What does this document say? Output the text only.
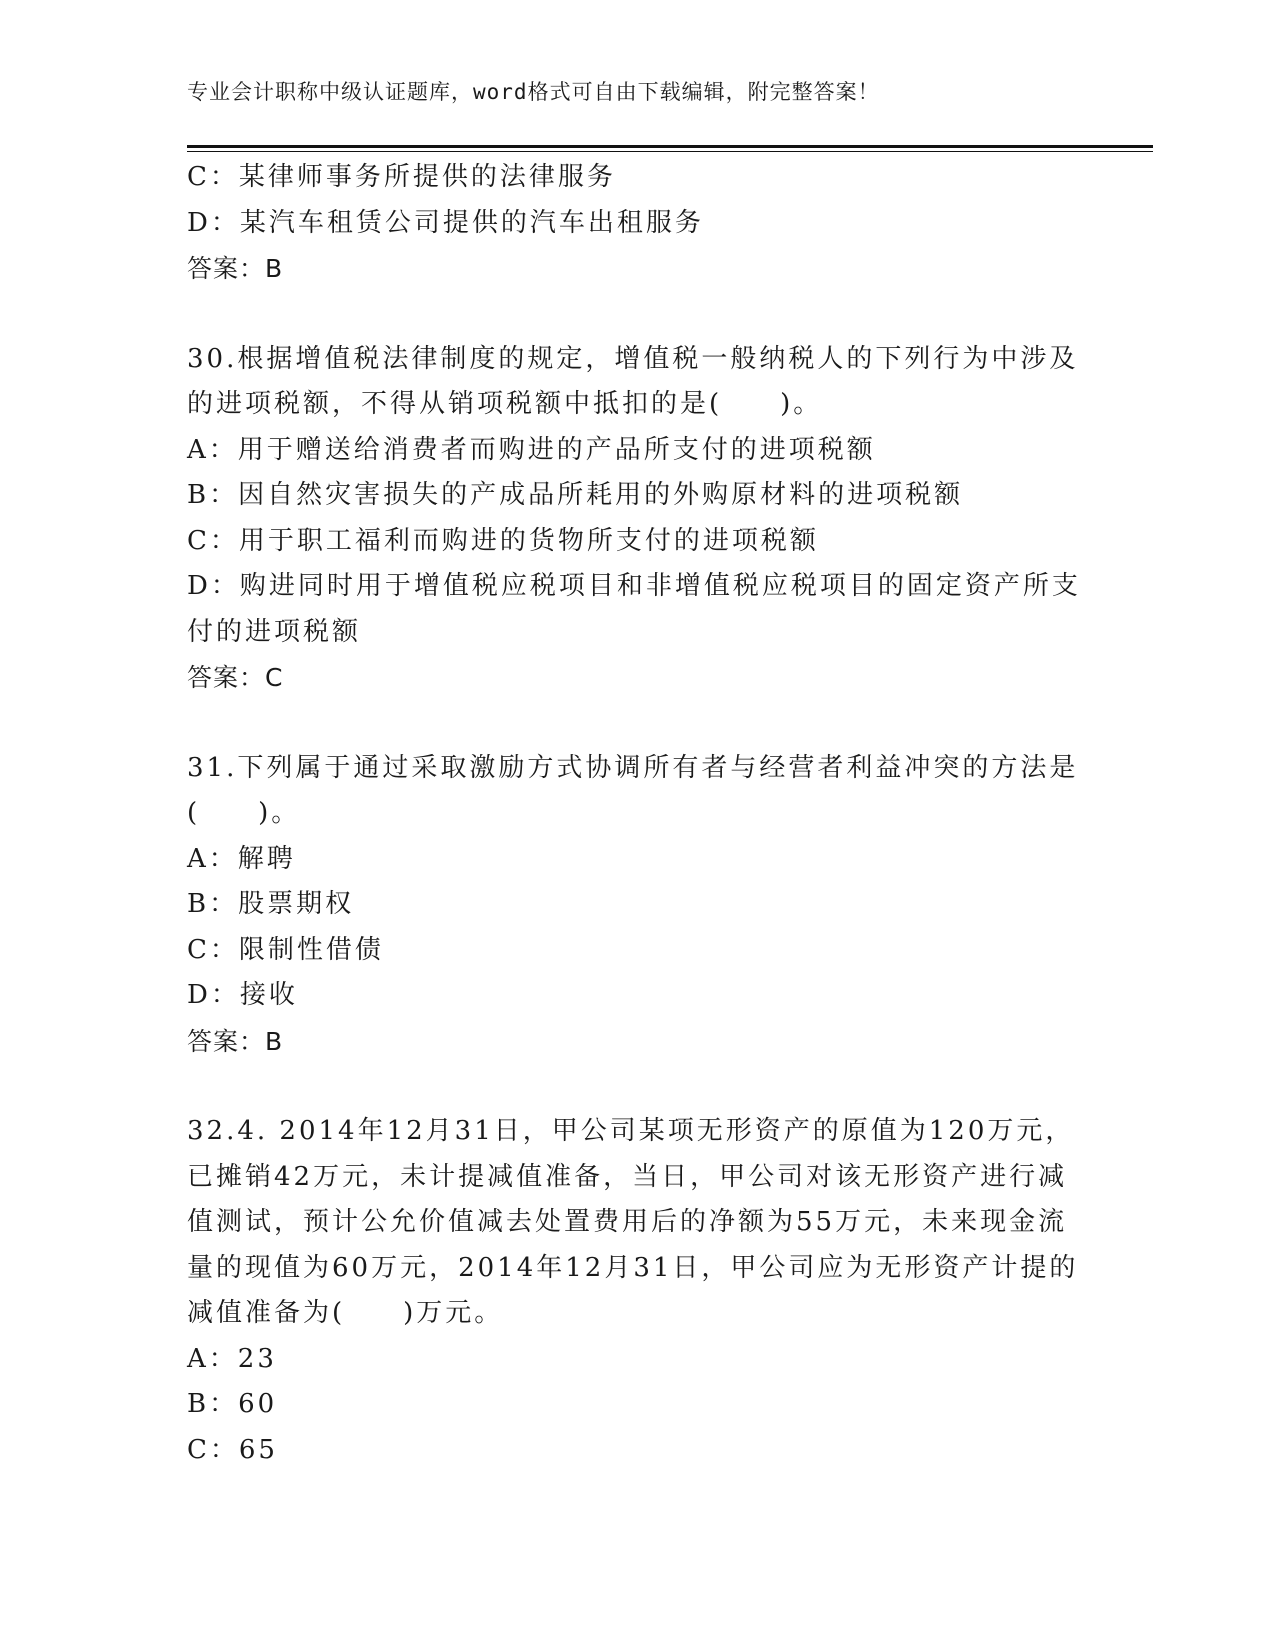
专业会计职称中级认证题库，word格式可自由下载编辑，附完整答案！
C：某律师事务所提供的法律服务
D：某汽车租赁公司提供的汽车出租服务
答案：B
30.根据增值税法律制度的规定，增值税一般纳税人的下列行为中涉及
的进项税额，不得从销项税额中抵扣的是(　　)。
A：用于赠送给消费者而购进的产品所支付的进项税额
B：因自然灾害损失的产成品所耗用的外购原材料的进项税额
C：用于职工福利而购进的货物所支付的进项税额
D：购进同时用于增值税应税项目和非增值税应税项目的固定资产所支
付的进项税额
答案：C
31.下列属于通过采取激励方式协调所有者与经营者利益冲突的方法是
(　　)。
A：解聘
B：股票期权
C：限制性借债
D：接收
答案：B
32.4. 2014年12月31日，甲公司某项无形资产的原值为120万元，
已摊销42万元，未计提减值准备，当日，甲公司对该无形资产进行减
值测试，预计公允价值减去处置费用后的净额为55万元，未来现金流
量的现值为60万元，2014年12月31日，甲公司应为无形资产计提的
减值准备为(　　)万元。
A：23
B：60
C：65
